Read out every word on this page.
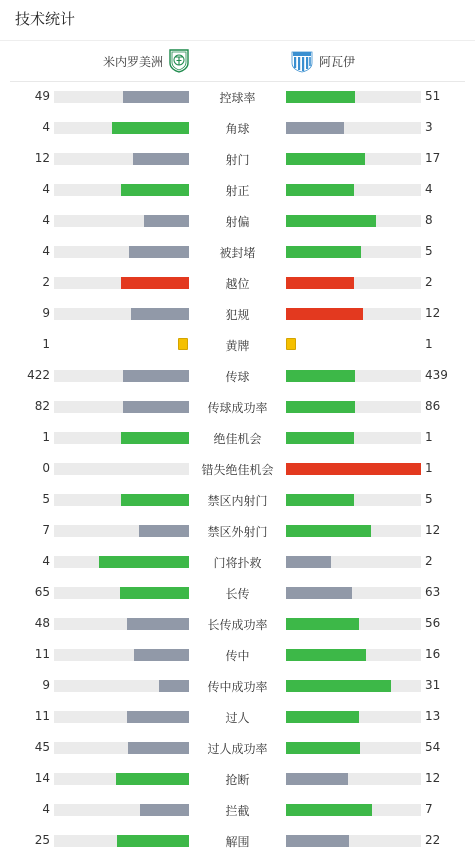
技术统计
米内罗美洲	阿瓦伊
49	控球率	51
4	角球	3
12	射门	17
4	射正	4
4	射偏	8
4	被封堵	5
2	越位	2
9	犯规	12
1	黄牌	1
422	传球	439
82	传球成功率	86
1	绝佳机会	1
0	错失绝佳机会	1
5	禁区内射门	5
7	禁区外射门	12
4	门将扑救	2
65	长传	63
48	长传成功率	56
11	传中	16
9	传中成功率	31
11	过人	13
45	过人成功率	54
14	抢断	12
4	拦截	7
25	解围	22
